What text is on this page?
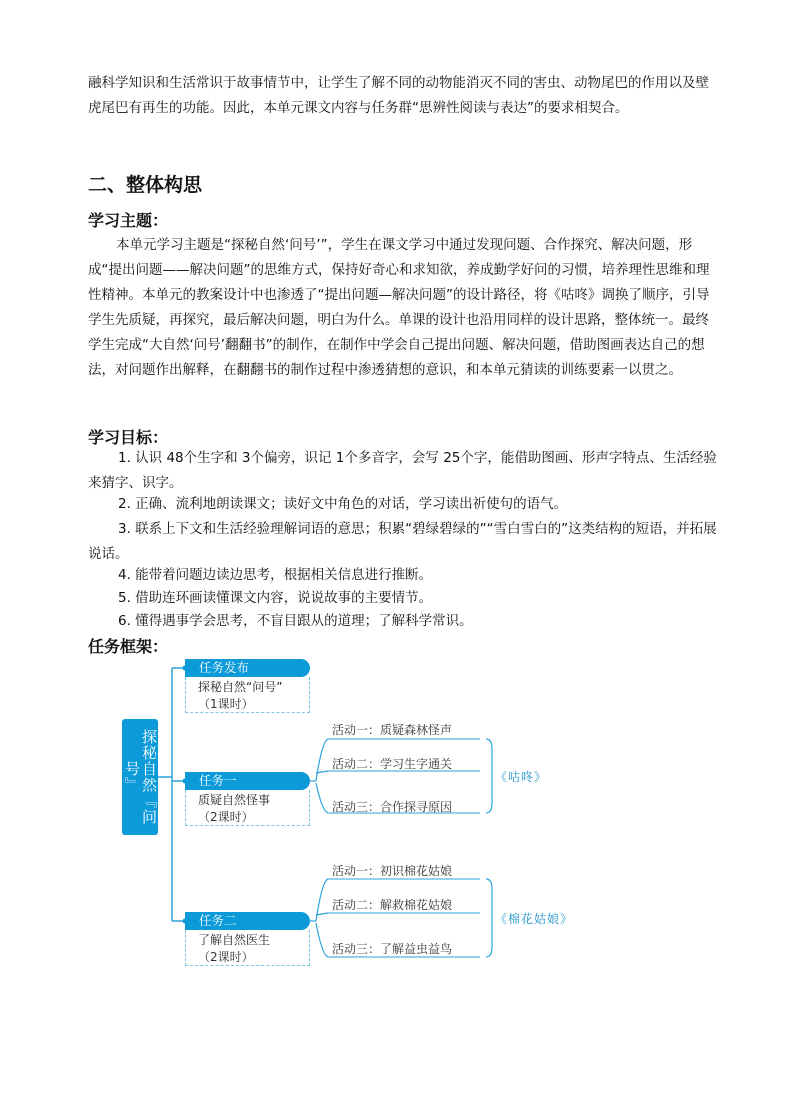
融科学知识和生活常识于故事情节中，让学生了解不同的动物能消灭不同的害虫、动物尾巴的作用以及壁虎尾巴有再生的功能。因此，本单元课文内容与任务群“思辨性阅读与表达”的要求相契合。

二、整体构思
学习主题：

本单元学习主题是“探秘自然‘问号’”，学生在课文学习中通过发现问题、合作探究、解决问题，形成“提出问题——解决问题”的思维方式，保持好奇心和求知欲，养成勤学好问的习惯，培养理性思维和理性精神。本单元的教案设计中也渗透了“提出问题—解决问题”的设计路径，将《咕咚》调换了顺序，引导学生先质疑，再探究，最后解决问题，明白为什么。单课的设计也沿用同样的设计思路，整体统一。最终学生完成“大自然‘问号’翻翻书”的制作，在制作中学会自己提出问题、解决问题，借助图画表达自己的想法，对问题作出解释，在翻翻书的制作过程中渗透猜想的意识，和本单元猜读的训练要素一以贯之。

学习目标：

1. 认识 48个生字和 3个偏旁，识记 1个多音字，会写 25个字，能借助图画、形声字特点、生活经验来猜字、识字。

2. 正确、流利地朗读课文；读好文中角色的对话，学习读出祈使句的语气。

3. 联系上下文和生活经验理解词语的意思；积累“碧绿碧绿的”“雪白雪白的”这类结构的短语，并拓展说话。

4. 能带着问题边读边思考，根据相关信息进行推断。

5. 借助连环画读懂课文内容，说说故事的主要情节。

6. 懂得遇事学会思考，不盲目跟从的道理；了解科学常识。

任务框架：
探秘自然『问号』
任务发布
探秘自然“问号”
（1课时）
任务一
质疑自然怪事
（2课时）
任务二
了解自然医生
（2课时）
活动一：质疑森林怪声
活动二：学习生字通关
活动三：合作探寻原因
《咕咚》
活动一：初识棉花姑娘
活动二：解救棉花姑娘
活动三：了解益虫益鸟
《棉花姑娘》
